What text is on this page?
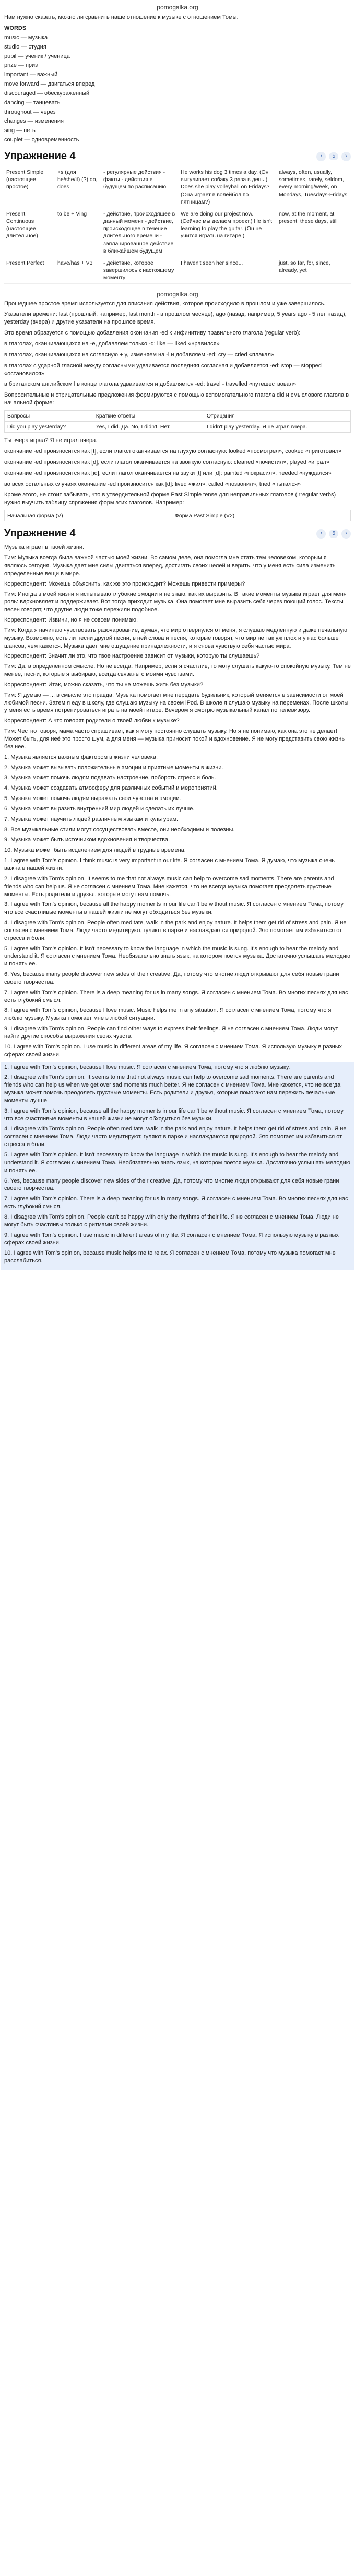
pomogalka.org

Нам нужно сказать, можно ли сравнить наше отношение к музыке с отношением Томы.

WORDS

music — музыка

studio — студия

pupil — ученик / ученица

prize — приз

important — важный

move forward — двигаться вперед

discouraged — обескураженный

dancing — танцевать

throughout — через

changes — изменения

sing — петь

couplet — одновременность

Упражнение 4	‹	5	›
Present Simple (настоящее простое)	+s (для he/she/it) (?) do, does	- регулярные действия - факты - действия в будущем по расписанию	He works his dog 3 times a day. (Он выгуливает собаку 3 раза в день.) Does she play volleyball on Fridays? (Она играет в волейбол по пятницам?)	always, often, usually, sometimes, rarely, seldom, every morning/week, on Mondays, Tuesdays-Fridays
Present Continuous (настоящее длительное)	to be + Ving	- действие, происходящее в данный момент - действие, происходящее в течение длительного времени - запланированное действие в ближайшем будущем	We are doing our project now. (Сейчас мы делаем проект.) He isn't learning to play the guitar. (Он не учится играть на гитаре.)	now, at the moment, at present, these days, still
Present Perfect	have/has + V3	- действие, которое завершилось к настоящему моменту	I haven't seen her since...	just, so far, for, since, already, yet
pomogalka.org

Прошедшее простое время используется для описания действия, которое происходило в прошлом и уже завершилось.

Указатели времени: last (прошлый, например, last month - в прошлом месяце), ago (назад, например, 5 years ago - 5 лет назад), yesterday (вчера) и другие указатели на прошлое время.

Это время образуется с помощью добавления окончания -ed к инфинитиву правильного глагола (regular verb):

в глаголах, оканчивающихся на -e, добавляем только -d: like — liked «нравился»

в глаголах, оканчивающихся на согласную + y, изменяем на -i и добавляем -ed: cry — cried «плакал»

в глаголах с ударной гласной между согласными удваивается последняя согласная и добавляется -ed: stop — stopped «остановился»

в британском английском l в конце глагола удваивается и добавляется -ed: travel - travelled «путешествовал»

Вопросительные и отрицательные предложения формируются с помощью вспомогательного глагола did и смыслового глагола в начальной форме:

Вопросы	Краткие ответы	Отрицания
Did you play yesterday?	Yes, I did. Да. No, I didn't. Нет.	I didn't play yesterday. Я не играл вчера.

Ты вчера играл? Я не играл вчера.

окончание -ed произносится как [t], если глагол оканчивается на глухую согласную: looked «посмотрел», cooked «приготовил»

окончание -ed произносится как [d], если глагол оканчивается на звонкую согласную: cleaned «почистил», played «играл»

окончание -ed произносится как [id], если глагол оканчивается на звуки [t] или [d]: painted «покрасил», needed «нуждался»

во всех остальных случаях окончание -ed произносится как [d]: lived «жил», called «позвонил», tried «пытался»

Кроме этого, не стоит забывать, что в утвердительной форме Past Simple tense для неправильных глаголов (irregular verbs) нужно выучить таблицу спряжения форм этих глаголов. Например:

Начальная форма (V)	Форма Past Simple (V2)
Упражнение 4	‹	5	›

Музыка играет в твоей жизни.

Тим: Музыка всегда была важной частью моей жизни. Во самом деле, она помогла мне стать тем человеком, которым я являюсь сегодня. Музыка дает мне силы двигаться вперед, достигать своих целей и верить, что у меня есть сила изменить определенные вещи в мире.

Корреспондент: Можешь объяснить, как же это происходит? Можешь привести примеры?

Тим: Иногда в моей жизни я испытываю глубокие эмоции и не знаю, как их выразить. В такие моменты музыка играет для меня роль: вдохновляет и поддерживает. Вот тогда приходит музыка. Она помогает мне выразить себя через поющий голос. Тексты песен говорят, что другие люди тоже пережили подобное.

Корреспондент: Извини, но я не совсем понимаю.

Тим: Когда я начинаю чувствовать разочарование, думая, что мир отвернулся от меня, я слушаю медленную и даже печальную музыку. Возможно, есть ли песни другой песни, в ней слова и песня, которые говорят, что мир не так уж плох и у нас больше шансов, чем кажется. Музыка дает мне ощущение принадлежности, и я снова чувствую себя частью мира.

Корреспондент: Значит ли это, что твое настроение зависит от музыки, которую ты слушаешь?

Тим: Да, в определенном смысле. Но не всегда. Например, если я счастлив, то могу слушать какую-то спокойную музыку. Тем не менее, песни, которые я выбираю, всегда связаны с моими чувствами.

Корреспондент: Итак, можно сказать, что ты не можешь жить без музыки?

Тим: Я думаю — ... в смысле это правда. Музыка помогает мне передать будильник, который меняется в зависимости от моей любимой песни. Затем я еду в школу, где слушаю музыку на своем iPod. В школе я слушаю музыку на переменах. После школы у меня есть время потренироваться играть на моей гитаре. Вечером я смотрю музыкальный канал по телевизору.

Корреспондент: А что говорят родители о твоей любви к музыке?

Тим: Честно говоря, мама часто спрашивает, как я могу постоянно слушать музыку. Но я не понимаю, как она это не делает! Может быть, для неё это просто шум, а для меня — музыка приносит покой и вдохновение. Я не могу представить свою жизнь без нее.

1. Музыка является важным фактором в жизни человека.

2. Музыка может вызывать положительные эмоции и приятные моменты в жизни.

3. Музыка может помочь людям подавать настроение, побороть стресс и боль.

4. Музыка может создавать атмосферу для различных событий и мероприятий.

5. Музыка может помочь людям выражать свои чувства и эмоции.

6. Музыка может выразить внутренний мир людей и сделать их лучше.

7. Музыка может научить людей различным языкам и культурам.

8. Все музыкальные стили могут сосуществовать вместе, они необходимы и полезны.

9. Музыка может быть источником вдохновения и творчества.

10. Музыка может быть исцелением для людей в трудные времена.

1. I agree with Tom's opinion. I think music is very important in our life. Я согласен с мнением Тома. Я думаю, что музыка очень важна в нашей жизни.

2. I disagree with Tom's opinion. It seems to me that not always music can help to overcome sad moments. There are parents and friends who can help us. Я не согласен с мнением Тома. Мне кажется, что не всегда музыка помогает преодолеть грустные моменты. Есть родители и друзья, которые могут нам помочь.

3. I agree with Tom's opinion, because all the happy moments in our life can't be without music. Я согласен с мнением Тома, потому что все счастливые моменты в нашей жизни не могут обходиться без музыки.

4. I disagree with Tom's opinion. People often meditate, walk in the park and enjoy nature. It helps them get rid of stress and pain. Я не согласен с мнением Тома. Люди часто медитируют, гуляют в парке и наслаждаются природой. Это помогает им избавиться от стресса и боли.

5. I agree with Tom's opinion. It isn't necessary to know the language in which the music is sung. It's enough to hear the melody and understand it. Я согласен с мнением Тома. Необязательно знать язык, на котором поется музыка. Достаточно услышать мелодию и понять ее.

6. Yes, because many people discover new sides of their creative. Да, потому что многие люди открывают для себя новые грани своего творчества.

7. I agree with Tom's opinion. There is a deep meaning for us in many songs. Я согласен с мнением Тома. Во многих песнях для нас есть глубокий смысл.

8. I agree with Tom's opinion, because I love music. Music helps me in any situation. Я согласен с мнением Тома, потому что я люблю музыку. Музыка помогает мне в любой ситуации.

9. I disagree with Tom's opinion. People can find other ways to express their feelings. Я не согласен с мнением Тома. Люди могут найти другие способы выражения своих чувств.

10. I agree with Tom's opinion. I use music in different areas of my life. Я согласен с мнением Тома. Я использую музыку в разных сферах своей жизни.

1. I agree with Tom's opinion, because I love music. Я согласен с мнением Тома, потому что я люблю музыку.

2. I disagree with Tom's opinion. It seems to me that not always music can help to overcome sad moments. There are parents and friends who can help us when we get over sad moments much better. Я не согласен с мнением Тома. Мне кажется, что не всегда музыка может помочь преодолеть грустные моменты. Есть родители и друзья, которые помогают нам пережить печальные моменты лучше.

3. I agree with Tom's opinion, because all the happy moments in our life can't be without music. Я согласен с мнением Тома, потому что все счастливые моменты в нашей жизни не могут обходиться без музыки.

4. I disagree with Tom's opinion. People often meditate, walk in the park and enjoy nature. It helps them get rid of stress and pain. Я не согласен с мнением Тома. Люди часто медитируют, гуляют в парке и наслаждаются природой. Это помогает им избавиться от стресса и боли.

5. I agree with Tom's opinion. It isn't necessary to know the language in which the music is sung. It's enough to hear the melody and understand it. Я согласен с мнением Тома. Необязательно знать язык, на котором поется музыка. Достаточно услышать мелодию и понять ее.

6. Yes, because many people discover new sides of their creative. Да, потому что многие люди открывают для себя новые грани своего творчества.

7. I agree with Tom's opinion. There is a deep meaning for us in many songs. Я согласен с мнением Тома. Во многих песнях для нас есть глубокий смысл.

8. I disagree with Tom's opinion. People can't be happy with only the rhythms of their life. Я не согласен с мнением Тома. Люди не могут быть счастливы только с ритмами своей жизни.

9. I agree with Tom's opinion. I use music in different areas of my life. Я согласен с мнением Тома. Я использую музыку в разных сферах своей жизни.

10. I agree with Tom's opinion, because music helps me to relax. Я согласен с мнением Тома, потому что музыка помогает мне расслабиться.
